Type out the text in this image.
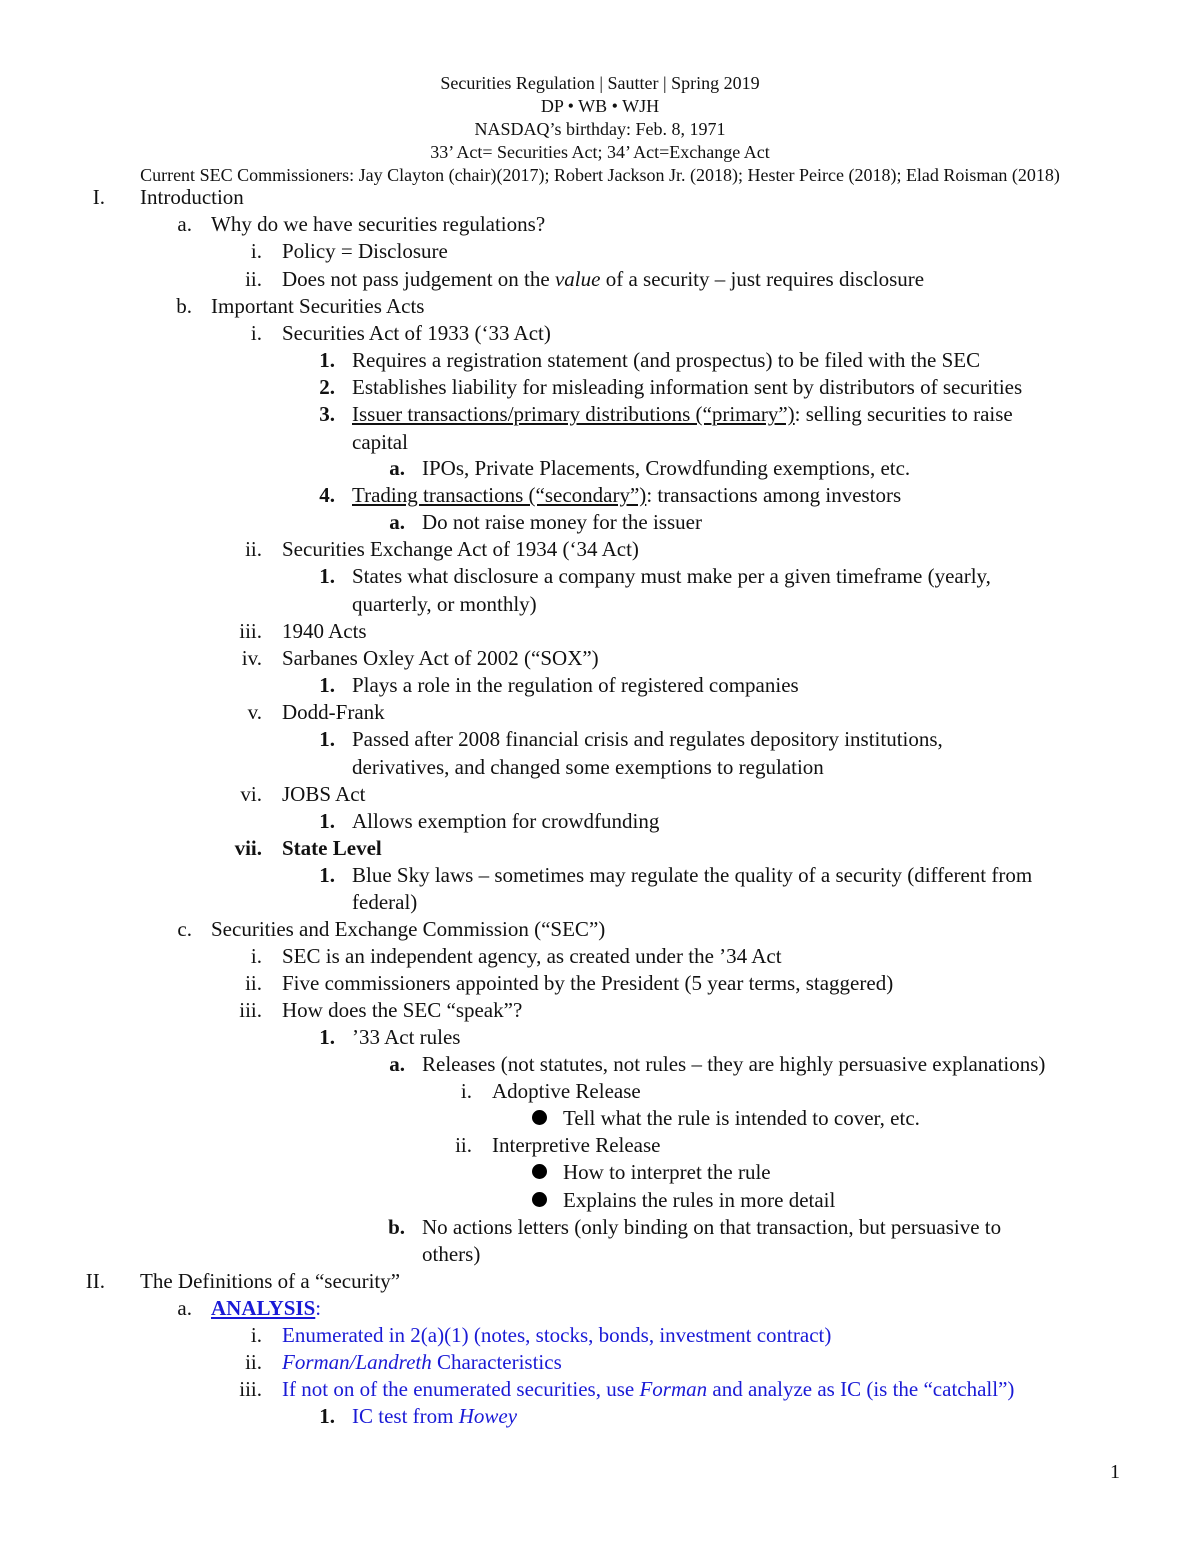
Securities Regulation | Sautter | Spring 2019
DP • WB • WJH
NASDAQ’s birthday: Feb. 8, 1971
33’ Act= Securities Act; 34’ Act=Exchange Act
Current SEC Commissioners: Jay Clayton (chair)(2017); Robert Jackson Jr. (2018); Hester Peirce (2018); Elad Roisman (2018)
I. Introduction
a. Why do we have securities regulations?
i. Policy = Disclosure
ii. Does not pass judgement on the value of a security – just requires disclosure
b. Important Securities Acts
i. Securities Act of 1933 (‘33 Act)
1. Requires a registration statement (and prospectus) to be filed with the SEC
2. Establishes liability for misleading information sent by distributors of securities
3. Issuer transactions/primary distributions (“primary”): selling securities to raise
capital
a. IPOs, Private Placements, Crowdfunding exemptions, etc.
4. Trading transactions (“secondary”): transactions among investors
a. Do not raise money for the issuer
ii. Securities Exchange Act of 1934 (‘34 Act)
1. States what disclosure a company must make per a given timeframe (yearly,
quarterly, or monthly)
iii. 1940 Acts
iv. Sarbanes Oxley Act of 2002 (“SOX”)
1. Plays a role in the regulation of registered companies
v. Dodd-Frank
1. Passed after 2008 financial crisis and regulates depository institutions,
derivatives, and changed some exemptions to regulation
vi. JOBS Act
1. Allows exemption for crowdfunding
vii. State Level
1. Blue Sky laws – sometimes may regulate the quality of a security (different from
federal)
c. Securities and Exchange Commission (“SEC”)
i. SEC is an independent agency, as created under the ’34 Act
ii. Five commissioners appointed by the President (5 year terms, staggered)
iii. How does the SEC “speak”?
1. ’33 Act rules
a. Releases (not statutes, not rules – they are highly persuasive explanations)
i. Adoptive Release
Tell what the rule is intended to cover, etc.
ii. Interpretive Release
How to interpret the rule
Explains the rules in more detail
b. No actions letters (only binding on that transaction, but persuasive to
others)
II. The Definitions of a “security”
a. ANALYSIS:
i. Enumerated in 2(a)(1) (notes, stocks, bonds, investment contract)
ii. Forman/Landreth Characteristics
iii. If not on of the enumerated securities, use Forman and analyze as IC (is the “catchall”)
1. IC test from Howey
1
